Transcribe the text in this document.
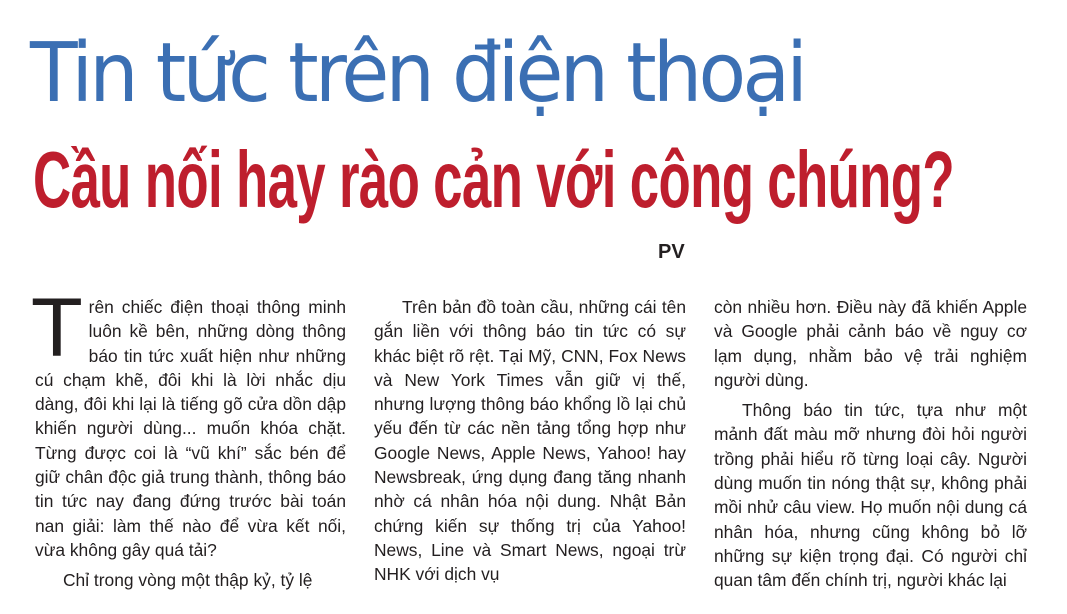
Tin tức trên điện thoại
Cầu nối hay rào cản với công chúng?
PV

Trên chiếc điện thoại thông minh luôn kề bên, những dòng thông báo tin tức xuất hiện như những cú chạm khẽ, đôi khi là lời nhắc dịu dàng, đôi khi lại là tiếng gõ cửa dồn dập khiến người dùng... muốn khóa chặt. Từng được coi là “vũ khí” sắc bén để giữ chân độc giả trung thành, thông báo tin tức nay đang đứng trước bài toán nan giải: làm thế nào để vừa kết nối, vừa không gây quá tải?

Chỉ trong vòng một thập kỷ, tỷ lệ

Trên bản đồ toàn cầu, những cái tên gắn liền với thông báo tin tức có sự khác biệt rõ rệt. Tại Mỹ, CNN, Fox News và New York Times vẫn giữ vị thế, nhưng lượng thông báo khổng lồ lại chủ yếu đến từ các nền tảng tổng hợp như Google News, Apple News, Yahoo! hay Newsbreak, ứng dụng đang tăng nhanh nhờ cá nhân hóa nội dung. Nhật Bản chứng kiến sự thống trị của Yahoo! News, Line và Smart News, ngoại trừ NHK với dịch vụ

còn nhiều hơn. Điều này đã khiến Apple và Google phải cảnh báo về nguy cơ lạm dụng, nhằm bảo vệ trải nghiệm người dùng.

Thông báo tin tức, tựa như một mảnh đất màu mỡ nhưng đòi hỏi người trồng phải hiểu rõ từng loại cây. Người dùng muốn tin nóng thật sự, không phải mồi nhử câu view. Họ muốn nội dung cá nhân hóa, nhưng cũng không bỏ lỡ những sự kiện trọng đại. Có người chỉ quan tâm đến chính trị, người khác lại
